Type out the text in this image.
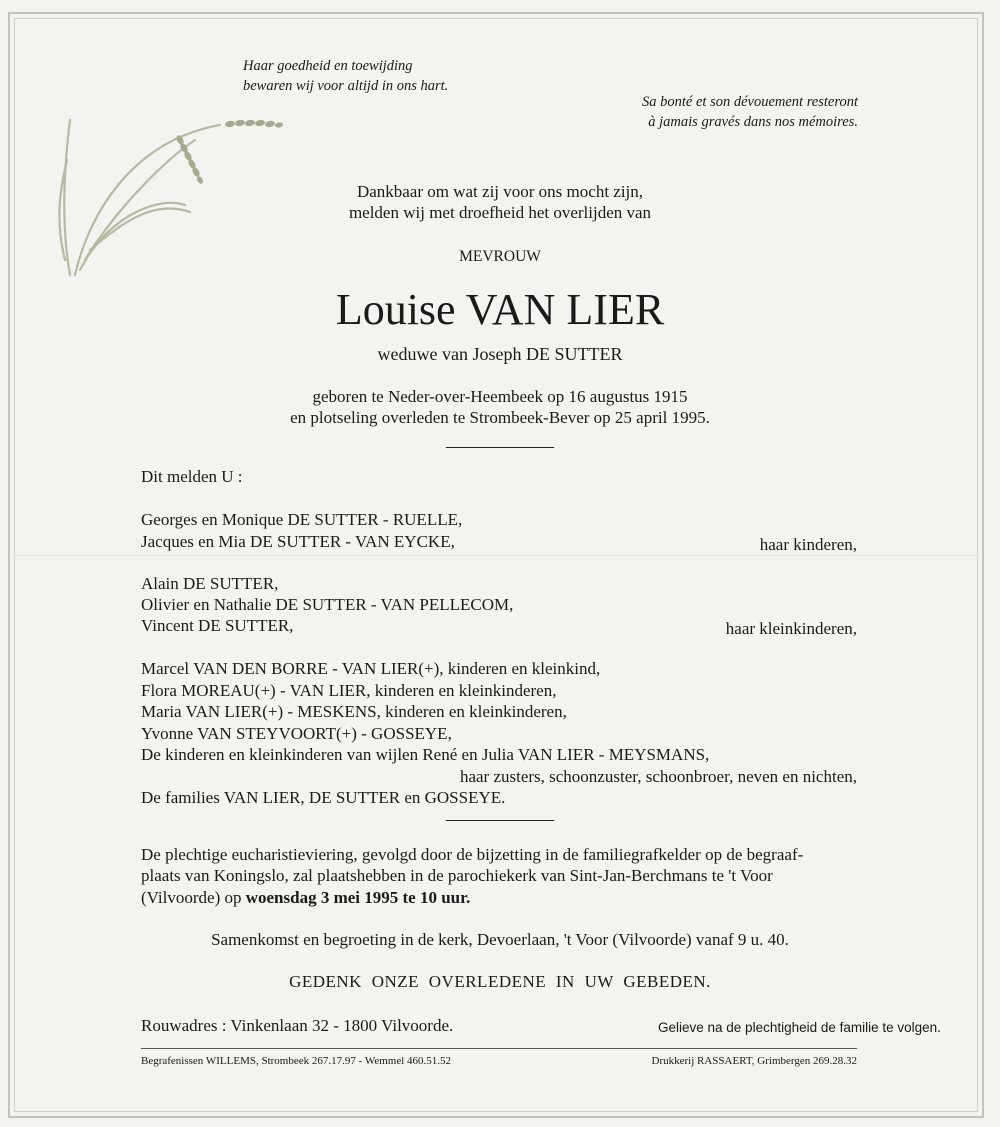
Haar goedheid en toewijding
bewaren wij voor altijd in ons hart.
Sa bonté et son dévouement resteront
à jamais gravés dans nos mémoires.
Dankbaar om wat zij voor ons mocht zijn,
melden wij met droefheid het overlijden van
MEVROUW
Louise VAN LIER
weduwe van Joseph DE SUTTER
geboren te Neder-over-Heembeek op 16 augustus 1915
en plotseling overleden te Strombeek-Bever op 25 april 1995.
Dit melden U :
Georges en Monique DE SUTTER - RUELLE,
Jacques en Mia DE SUTTER - VAN EYCKE,	haar kinderen,
Alain DE SUTTER,
Olivier en Nathalie DE SUTTER - VAN PELLECOM,
Vincent DE SUTTER,	haar kleinkinderen,
Marcel VAN DEN BORRE - VAN LIER(+), kinderen en kleinkind,
Flora MOREAU(+) - VAN LIER, kinderen en kleinkinderen,
Maria VAN LIER(+) - MESKENS, kinderen en kleinkinderen,
Yvonne VAN STEYVOORT(+) - GOSSEYE,
De kinderen en kleinkinderen van wijlen René en Julia VAN LIER - MEYSMANS,
haar zusters, schoonzuster, schoonbroer, neven en nichten,
De families VAN LIER, DE SUTTER en GOSSEYE.
De plechtige eucharistieviering, gevolgd door de bijzetting in de familiegrafkelder op de begraaf-
plaats van Koningslo, zal plaatshebben in de parochiekerk van Sint-Jan-Berchmans te 't Voor
(Vilvoorde) op woensdag 3 mei 1995 te 10 uur.
Samenkomst en begroeting in de kerk, Devoerlaan, 't Voor (Vilvoorde) vanaf 9 u. 40.
GEDENK ONZE OVERLEDENE IN UW GEBEDEN.
Rouwadres : Vinkenlaan 32 - 1800 Vilvoorde.	Gelieve na de plechtigheid de familie te volgen.
Begrafenissen WILLEMS, Strombeek 267.17.97 - Wemmel 460.51.52	Drukkerij RASSAERT, Grimbergen 269.28.32
